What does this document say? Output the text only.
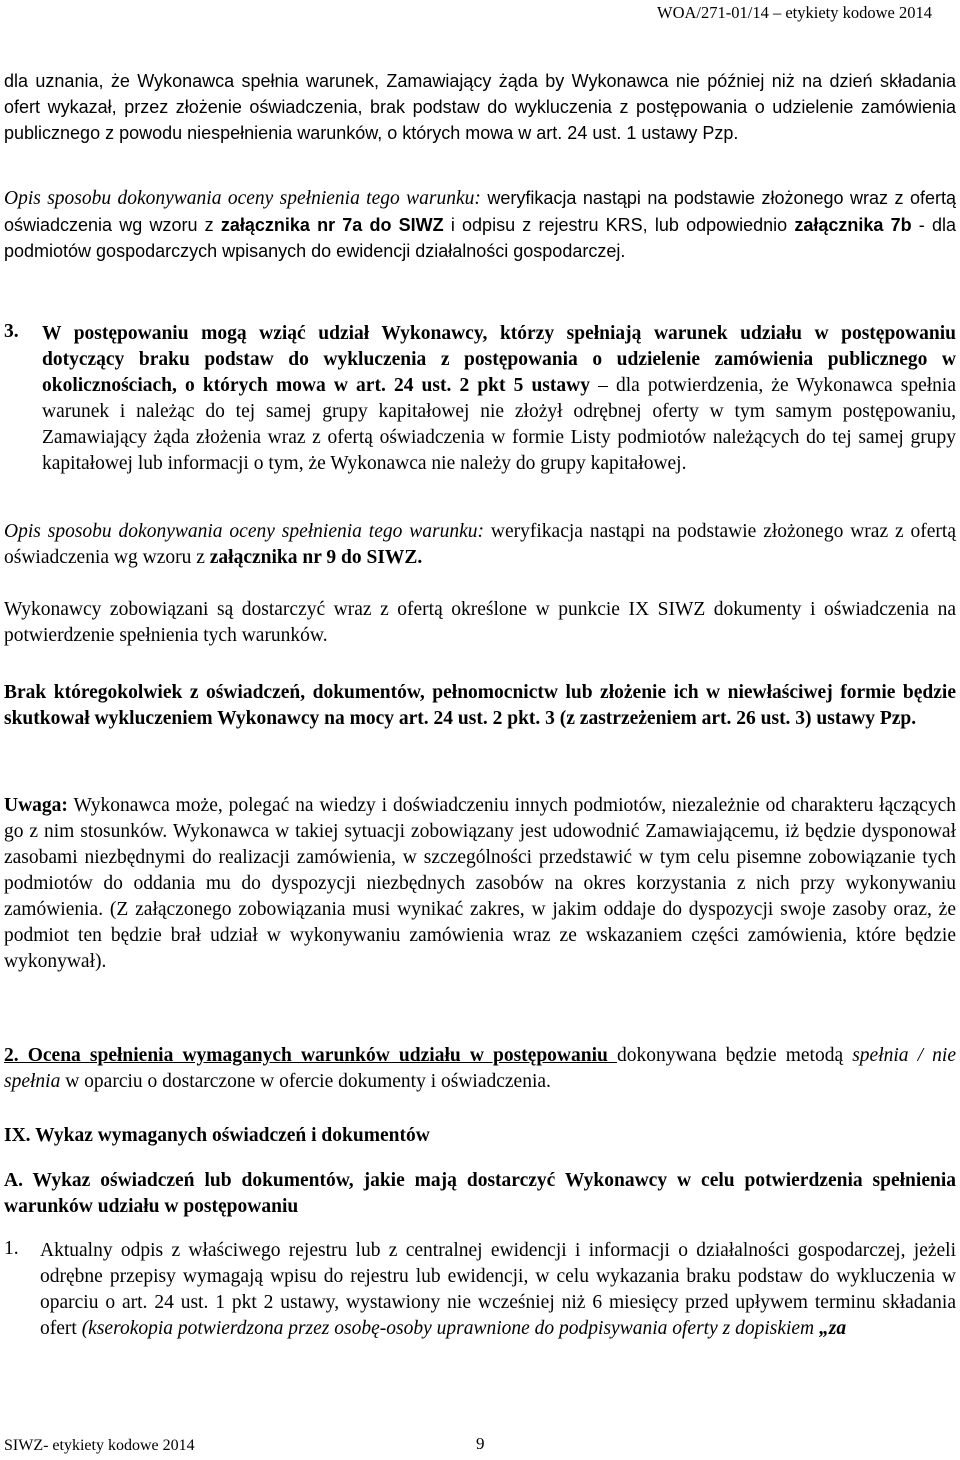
WOA/271-01/14 – etykiety kodowe 2014

dla uznania, że Wykonawca spełnia warunek, Zamawiający żąda by Wykonawca nie później niż na dzień składania ofert wykazał, przez złożenie oświadczenia, brak podstaw do wykluczenia z postępowania o udzielenie zamówienia publicznego z powodu niespełnienia warunków, o których mowa w art. 24 ust. 1 ustawy Pzp.

Opis sposobu dokonywania oceny spełnienia tego warunku: weryfikacja nastąpi na podstawie złożonego wraz z ofertą oświadczenia wg wzoru z załącznika nr 7a do SIWZ i odpisu z rejestru KRS, lub odpowiednio załącznika 7b - dla podmiotów gospodarczych wpisanych do ewidencji działalności gospodarczej.

3. W postępowaniu mogą wziąć udział Wykonawcy, którzy spełniają warunek udziału w postępowaniu dotyczący braku podstaw do wykluczenia z postępowania o udzielenie zamówienia publicznego w okolicznościach, o których mowa w art. 24 ust. 2 pkt 5 ustawy – dla potwierdzenia, że Wykonawca spełnia warunek i należąc do tej samej grupy kapitałowej nie złożył odrębnej oferty w tym samym postępowaniu, Zamawiający żąda złożenia wraz z ofertą oświadczenia w formie Listy podmiotów należących do tej samej grupy kapitałowej lub informacji o tym, że Wykonawca nie należy do grupy kapitałowej.

Opis sposobu dokonywania oceny spełnienia tego warunku: weryfikacja nastąpi na podstawie złożonego wraz z ofertą oświadczenia wg wzoru z załącznika nr 9 do SIWZ.

Wykonawcy zobowiązani są dostarczyć wraz z ofertą określone w punkcie IX SIWZ dokumenty i oświadczenia na potwierdzenie spełnienia tych warunków.

Brak któregokolwiek z oświadczeń, dokumentów, pełnomocnictw lub złożenie ich w niewłaściwej formie będzie skutkował wykluczeniem Wykonawcy na mocy art. 24 ust. 2 pkt. 3 (z zastrzeżeniem art. 26 ust. 3) ustawy Pzp.

Uwaga: Wykonawca może, polegać na wiedzy i doświadczeniu innych podmiotów, niezależnie od charakteru łączących go z nim stosunków. Wykonawca w takiej sytuacji zobowiązany jest udowodnić Zamawiającemu, iż będzie dysponował zasobami niezbędnymi do realizacji zamówienia, w szczególności przedstawić w tym celu pisemne zobowiązanie tych podmiotów do oddania mu do dyspozycji niezbędnych zasobów na okres korzystania z nich przy wykonywaniu zamówienia. (Z załączonego zobowiązania musi wynikać zakres, w jakim oddaje do dyspozycji swoje zasoby oraz, że podmiot ten będzie brał udział w wykonywaniu zamówienia wraz ze wskazaniem części zamówienia, które będzie wykonywał).

2. Ocena spełnienia wymaganych warunków udziału w postępowaniu dokonywana będzie metodą spełnia / nie spełnia w oparciu o dostarczone w ofercie dokumenty i oświadczenia.

IX. Wykaz wymaganych oświadczeń i dokumentów
A. Wykaz oświadczeń lub dokumentów, jakie mają dostarczyć Wykonawcy w celu potwierdzenia spełnienia warunków udziału w postępowaniu
1. Aktualny odpis z właściwego rejestru lub z centralnej ewidencji i informacji o działalności gospodarczej, jeżeli odrębne przepisy wymagają wpisu do rejestru lub ewidencji, w celu wykazania braku podstaw do wykluczenia w oparciu o art. 24 ust. 1 pkt 2 ustawy, wystawiony nie wcześniej niż 6 miesięcy przed upływem terminu składania ofert (kserokopia potwierdzona przez osobę-osoby uprawnione do podpisywania oferty z dopiskiem „za

SIWZ- etykiety kodowe 2014	9
